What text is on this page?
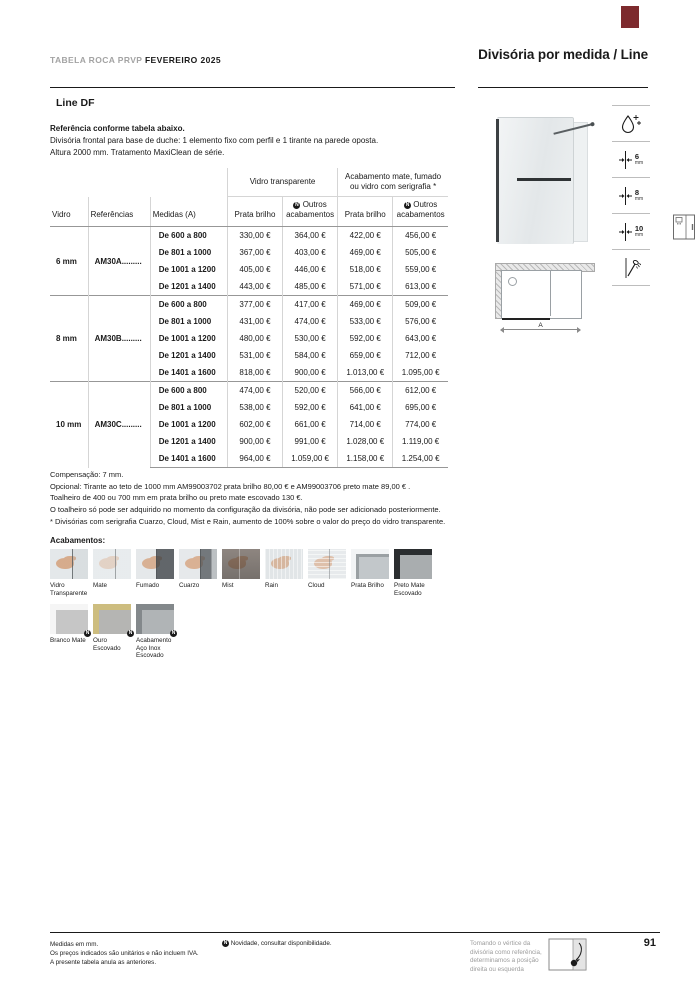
TABELA ROCA PRVP FEVEREIRO 2025	Divisória por medida / Line
Line DF
Referência conforme tabela abaixo.
Divisória frontal para base de duche: 1 elemento fixo com perfil e 1 tirante na parede oposta.
Altura 2000 mm. Tratamento MaxiClean de série.
			Vidro transparente		Acabamento mate, fumado ou vidro com serigrafia *	
Vidro	Referências	Medidas (A)	Prata brilho	N Outros acabamentos	Prata brilho	N Outros acabamentos
6 mm	AM30A.........	De 600 a 800	330,00 €	364,00 €	422,00 €	456,00 €
		De 801 a 1000	367,00 €	403,00 €	469,00 €	505,00 €
		De 1001 a 1200	405,00 €	446,00 €	518,00 €	559,00 €
		De 1201 a 1400	443,00 €	485,00 €	571,00 €	613,00 €
8 mm	AM30B.........	De 600 a 800	377,00 €	417,00 €	469,00 €	509,00 €
		De 801 a 1000	431,00 €	474,00 €	533,00 €	576,00 €
		De 1001 a 1200	480,00 €	530,00 €	592,00 €	643,00 €
		De 1201 a 1400	531,00 €	584,00 €	659,00 €	712,00 €
		De 1401 a 1600	818,00 €	900,00 €	1.013,00 €	1.095,00 €
10 mm	AM30C.........	De 600 a 800	474,00 €	520,00 €	566,00 €	612,00 €
		De 801 a 1000	538,00 €	592,00 €	641,00 €	695,00 €
		De 1001 a 1200	602,00 €	661,00 €	714,00 €	774,00 €
		De 1201 a 1400	900,00 €	991,00 €	1.028,00 €	1.119,00 €
		De 1401 a 1600	964,00 €	1.059,00 €	1.158,00 €	1.254,00 €
Compensação: 7 mm.
Opcional: Tirante ao teto de 1000 mm AM99003702 prata brilho 80,00 € e AM99003706 preto mate 89,00 € .
Toalheiro de 400 ou 700 mm em prata brilho ou preto mate escovado 130 €.
O toalheiro só pode ser adquirido no momento da configuração da divisória, não pode ser adicionado posteriormente.
* Divisórias com serigrafia Cuarzo, Cloud, Mist e Rain, aumento de 100% sobre o valor do preço do vidro transparente.
Acabamentos:
Vidro Transparente
Mate	Fumado	Cuarzo	Mist	Rain	Cloud	Prata Brilho	Preto Mate Escovado
N
Branco Mate
N
Ouro Escovado
N
Acabamento Aço Inox Escovado
6
mm
8
mm
10
mm
A
Medidas em mm.
Os preços indicados são unitários e não incluem IVA.
A presente tabela anula as anteriores.
N Novidade, consultar disponibilidade.	Tomando o vértice da divisória como referência, determinamos a posição direita ou esquerda
91
